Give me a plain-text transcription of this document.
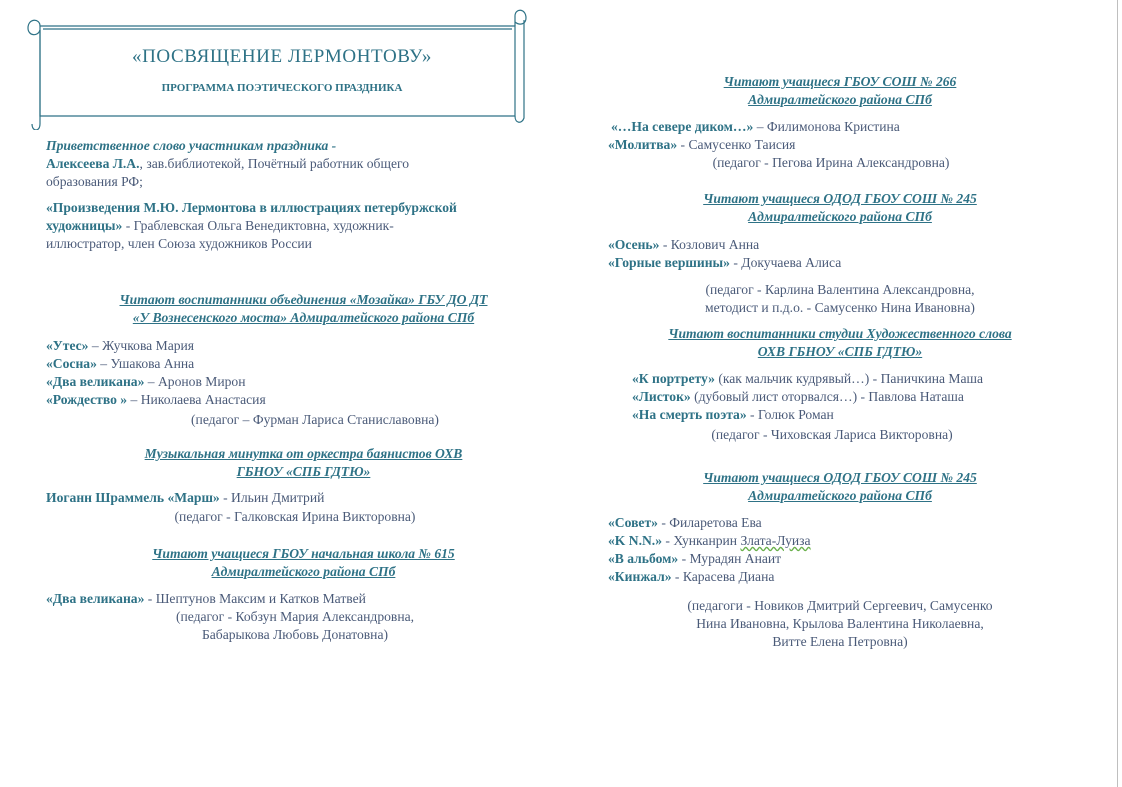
«ПОСВЯЩЕНИЕ ЛЕРМОНТОВУ»
ПРОГРАММА ПОЭТИЧЕСКОГО ПРАЗДНИКА
Приветственное слово участникам праздника -
Алексеева Л.А., зав.библиотекой, Почётный работник общего
образования РФ;
«Произведения М.Ю. Лермонтова в иллюстрациях петербуржской
художницы» - Граблевская Ольга Венедиктовна, художник-
иллюстратор, член Союза художников России
Читают воспитанники объединения «Мозайка» ГБУ ДО ДТ
«У Вознесенского моста» Адмиралтейского района СПб
«Утес» – Жучкова Мария
«Сосна» – Ушакова Анна
«Два великана» – Аронов Мирон
«Рождество » – Николаева Анастасия
(педагог – Фурман Лариса Станиславовна)
Музыкальная минутка от оркестра баянистов ОХВ
ГБНОУ «СПБ ГДТЮ»
Иоганн Шраммель «Марш» - Ильин Дмитрий
(педагог - Галковская Ирина Викторовна)
Читают учащиеся ГБОУ начальная школа № 615
Адмиралтейского района СПб
«Два великана» - Шептунов Максим и Катков Матвей
(педагог - Кобзун Мария Александровна,
Бабарыкова Любовь Донатовна)
Читают учащиеся ГБОУ СОШ № 266
Адмиралтейского района СПб
«…На севере диком…» – Филимонова Кристина
«Молитва» - Самусенко Таисия
(педагог - Пегова Ирина Александровна)
Читают учащиеся ОДОД ГБОУ СОШ № 245
Адмиралтейского района СПб
«Осень» - Козлович Анна
«Горные вершины» - Докучаева Алиса
(педагог - Карлина Валентина Александровна,
методист и п.д.о. - Самусенко Нина Ивановна)
Читают воспитанники студии Художественного слова
ОХВ ГБНОУ «СПБ ГДТЮ»
«К портрету» (как мальчик кудрявый…) - Паничкина Маша
«Листок» (дубовый лист оторвался…) - Павлова Наташа
«На смерть поэта» - Голюк Роман
(педагог - Чиховская Лариса Викторовна)
Читают учащиеся ОДОД ГБОУ СОШ № 245
Адмиралтейского района СПб
«Совет» - Филаретова Ева
«K N.N.» - Хунканрин Злата-Луиза
«В альбом» - Мурадян Анаит
«Кинжал» - Карасева Диана
(педагоги - Новиков Дмитрий Сергеевич, Самусенко
Нина Ивановна, Крылова Валентина Николаевна,
Витте Елена Петровна)
